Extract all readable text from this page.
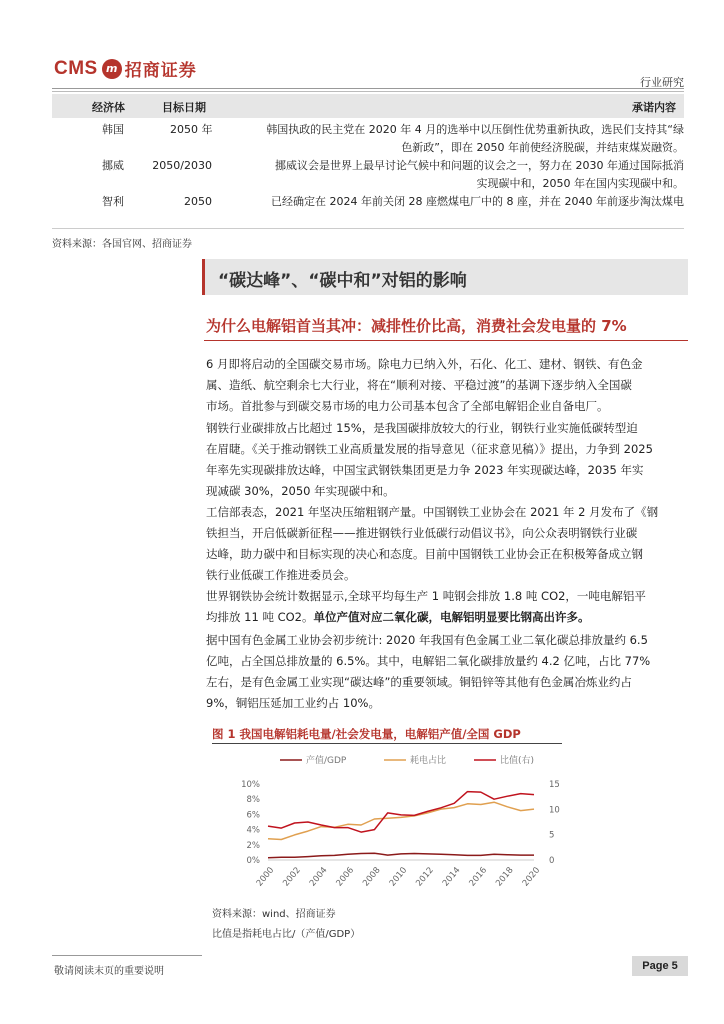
CMS m 招商证券
行业研究
经济体	目标日期	承诺内容
韩国	2050 年	韩国执政的民主党在 2020 年 4 月的选举中以压倒性优势重新执政，选民们支持其“绿
色新政”，即在 2050 年前使经济脱碳，并结束煤炭融资。
挪威	2050/2030	挪威议会是世界上最早讨论气候中和问题的议会之一，努力在 2030 年通过国际抵消
实现碳中和，2050 年在国内实现碳中和。
智利	2050	已经确定在 2024 年前关闭 28 座燃煤电厂中的 8 座，并在 2040 年前逐步淘汰煤电
资料来源：各国官网、招商证券
“碳达峰”、“碳中和”对铝的影响
为什么电解铝首当其冲：减排性价比高，消费社会发电量的 7%
6 月即将启动的全国碳交易市场。除电力已纳入外，石化、化工、建材、钢铁、有色金
属、造纸、航空剩余七大行业，将在“顺利对接、平稳过渡”的基调下逐步纳入全国碳
市场。首批参与到碳交易市场的电力公司基本包含了全部电解铝企业自备电厂。
钢铁行业碳排放占比超过 15%，是我国碳排放较大的行业，钢铁行业实施低碳转型迫
在眉睫。《关于推动钢铁工业高质量发展的指导意见（征求意见稿）》提出，力争到 2025
年率先实现碳排放达峰，中国宝武钢铁集团更是力争 2023 年实现碳达峰，2035 年实
现减碳 30%，2050 年实现碳中和。
工信部表态，2021 年坚决压缩粗钢产量。中国钢铁工业协会在 2021 年 2 月发布了《钢
铁担当，开启低碳新征程——推进钢铁行业低碳行动倡议书》，向公众表明钢铁行业碳
达峰，助力碳中和目标实现的决心和态度。目前中国钢铁工业协会正在积极筹备成立钢
铁行业低碳工作推进委员会。
世界钢铁协会统计数据显示,全球平均每生产 1 吨钢会排放 1.8 吨 CO2，一吨电解铝平
均排放 11 吨 CO2。单位产值对应二氧化碳，电解铝明显要比钢高出许多。
据中国有色金属工业协会初步统计: 2020 年我国有色金属工业二氧化碳总排放量约 6.5
亿吨，占全国总排放量的 6.5%。其中，电解铝二氧化碳排放量约 4.2 亿吨，占比 77%
左右，是有色金属工业实现“碳达峰”的重要领域。铜铅锌等其他有色金属冶炼业约占
9%，铜铝压延加工业约占 10%。
图 1 我国电解铝耗电量/社会发电量，电解铝产值/全国 GDP
产值/GDP	耗电占比	比值(右)
0%
2%
4%
6%
8%
10%
0
5
10
15
2000 2002 2004 2006 2008 2010 2012 2014 2016 2018 2020
资料来源：wind、招商证券
比值是指耗电占比/（产值/GDP）
敬请阅读末页的重要说明	Page 5
